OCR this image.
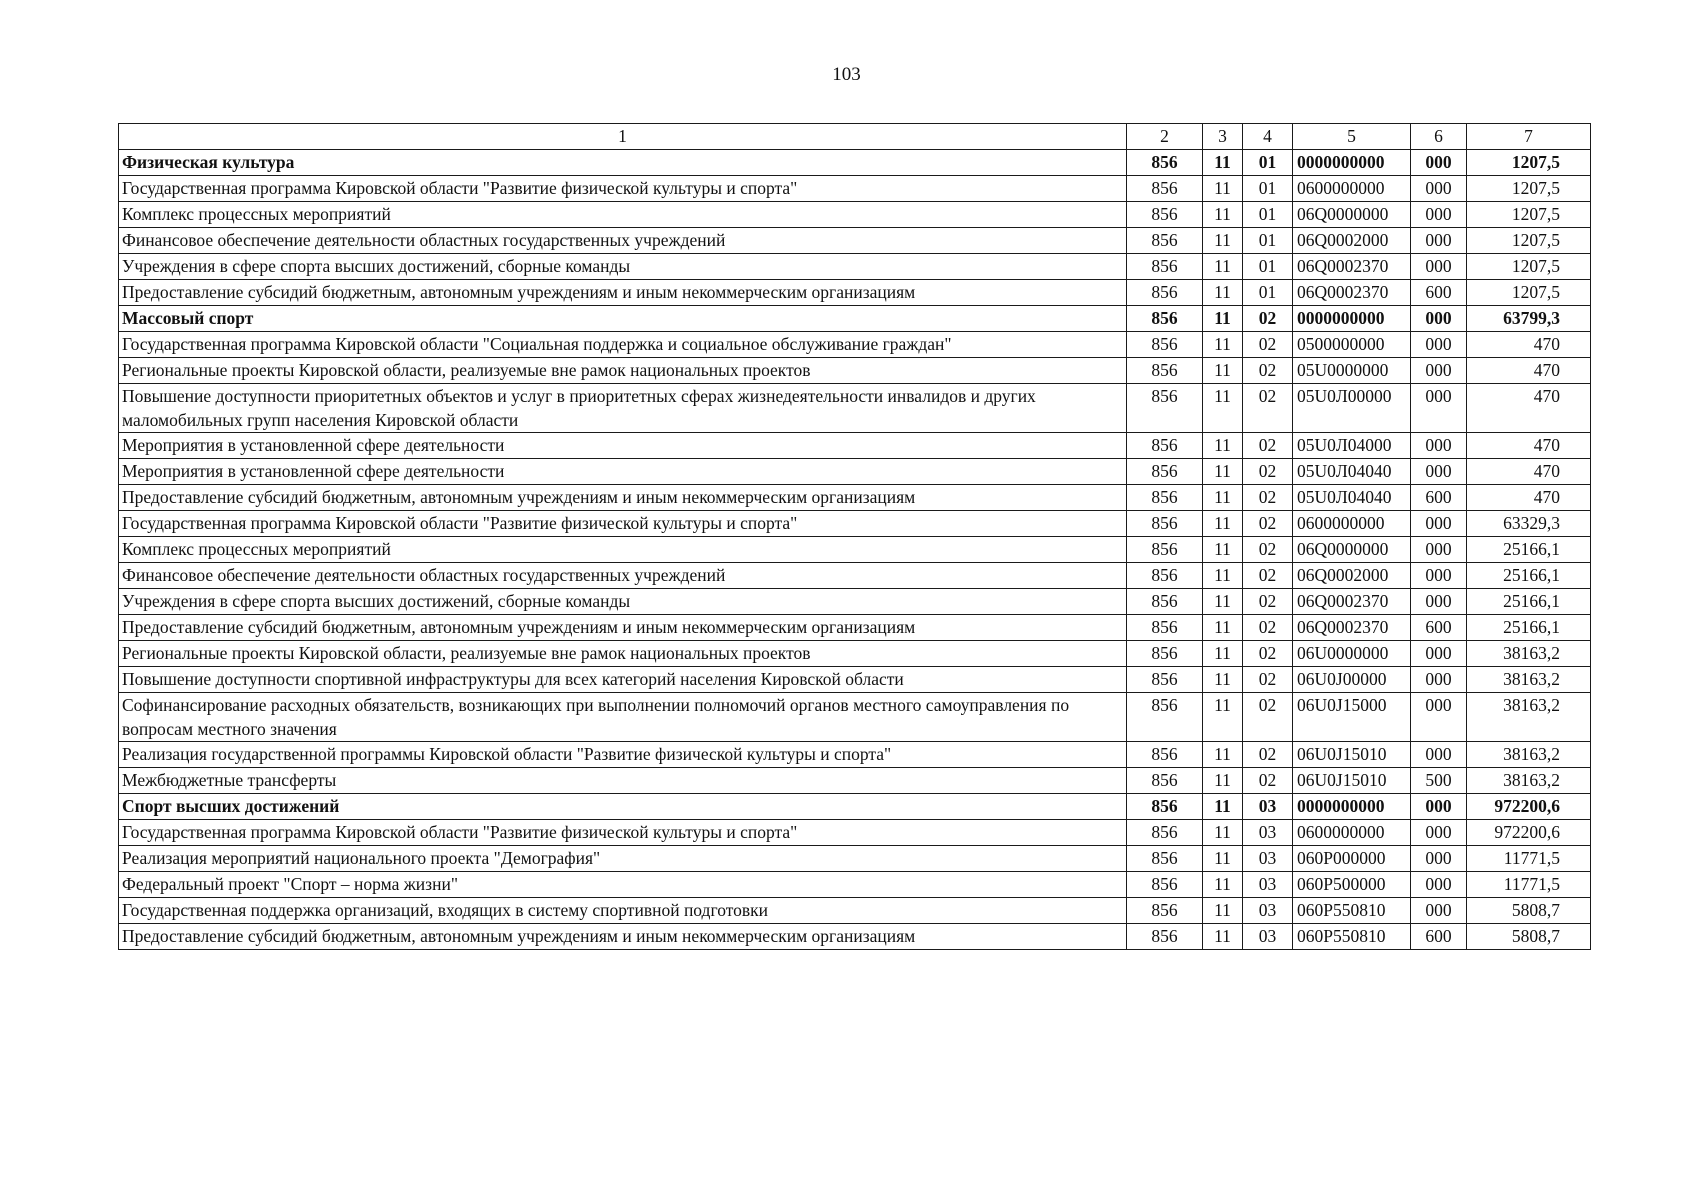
103
1	2	3	4	5	6	7
Физическая культура	856	11	01	0000000000	000	1207,5
Государственная программа Кировской области "Развитие физической культуры и спорта"	856	11	01	0600000000	000	1207,5
Комплекс процессных мероприятий	856	11	01	06Q0000000	000	1207,5
Финансовое обеспечение деятельности областных государственных учреждений	856	11	01	06Q0002000	000	1207,5
Учреждения в сфере спорта высших достижений, сборные команды	856	11	01	06Q0002370	000	1207,5
Предоставление субсидий бюджетным, автономным учреждениям и иным некоммерческим организациям	856	11	01	06Q0002370	600	1207,5
Массовый спорт	856	11	02	0000000000	000	63799,3
Государственная программа Кировской области "Социальная поддержка и социальное обслуживание граждан"	856	11	02	0500000000	000	470
Региональные проекты Кировской области, реализуемые вне рамок национальных проектов	856	11	02	05U0000000	000	470
Повышение доступности приоритетных объектов и услуг в приоритетных сферах жизнедеятельности инвалидов и других маломобильных групп населения Кировской области	856	11	02	05U0Л00000	000	470
Мероприятия в установленной сфере деятельности	856	11	02	05U0Л04000	000	470
Мероприятия в установленной сфере деятельности	856	11	02	05U0Л04040	000	470
Предоставление субсидий бюджетным, автономным учреждениям и иным некоммерческим организациям	856	11	02	05U0Л04040	600	470
Государственная программа Кировской области "Развитие физической культуры и спорта"	856	11	02	0600000000	000	63329,3
Комплекс процессных мероприятий	856	11	02	06Q0000000	000	25166,1
Финансовое обеспечение деятельности областных государственных учреждений	856	11	02	06Q0002000	000	25166,1
Учреждения в сфере спорта высших достижений, сборные команды	856	11	02	06Q0002370	000	25166,1
Предоставление субсидий бюджетным, автономным учреждениям и иным некоммерческим организациям	856	11	02	06Q0002370	600	25166,1
Региональные проекты Кировской области, реализуемые вне рамок национальных проектов	856	11	02	06U0000000	000	38163,2
Повышение доступности спортивной инфраструктуры для всех категорий населения Кировской области	856	11	02	06U0J00000	000	38163,2
Софинансирование расходных обязательств, возникающих при выполнении полномочий органов местного самоуправления по вопросам местного значения	856	11	02	06U0J15000	000	38163,2
Реализация государственной программы Кировской области "Развитие физической культуры и спорта"	856	11	02	06U0J15010	000	38163,2
Межбюджетные трансферты	856	11	02	06U0J15010	500	38163,2
Спорт высших достижений	856	11	03	0000000000	000	972200,6
Государственная программа Кировской области "Развитие физической культуры и спорта"	856	11	03	0600000000	000	972200,6
Реализация мероприятий национального проекта "Демография"	856	11	03	060P000000	000	11771,5
Федеральный проект "Спорт – норма жизни"	856	11	03	060P500000	000	11771,5
Государственная поддержка организаций, входящих в систему спортивной подготовки	856	11	03	060P550810	000	5808,7
Предоставление субсидий бюджетным, автономным учреждениям и иным некоммерческим организациям	856	11	03	060P550810	600	5808,7
